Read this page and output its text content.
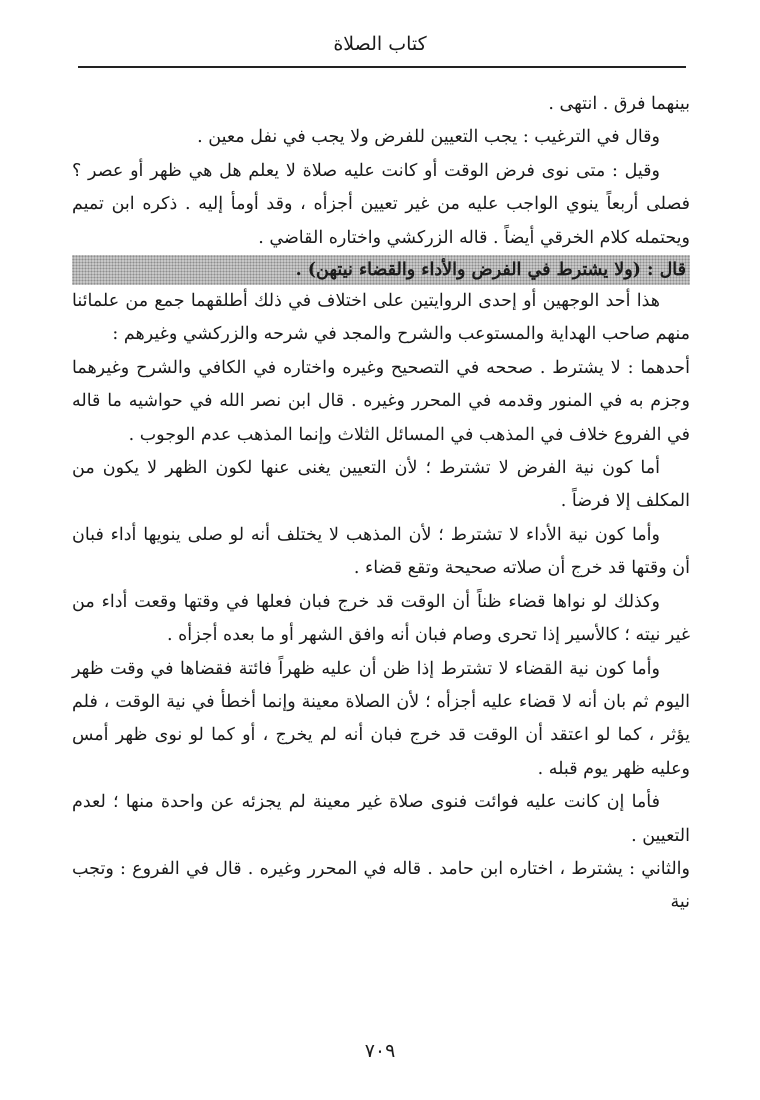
كتاب الصلاة

بينهما فرق . انتهى .

وقال في الترغيب : يجب التعيين للفرض ولا يجب في نفل معين .

وقيل : متى نوى فرض الوقت أو كانت عليه صلاة لا يعلم هل هي ظهر أو عصر ؟ فصلى أربعاً ينوي الواجب عليه من غير تعيين أجزأه ، وقد أومأ إليه . ذكره ابن تميم ويحتمله كلام الخرقي أيضاً . قاله الزركشي واختاره القاضي .

قال : (ولا يشترط في الفرض والأداء والقضاء نيتهن) .

هذا أحد الوجهين أو إحدى الروايتين على اختلاف في ذلك أطلقهما جمع من علمائنا منهم صاحب الهداية والمستوعب والشرح والمجد في شرحه والزركشي وغيرهم :

أحدهما : لا يشترط . صححه في التصحيح وغيره واختاره في الكافي والشرح وغيرهما وجزم به في المنور وقدمه في المحرر وغيره . قال ابن نصر الله في حواشيه ما قاله في الفروع خلاف في المذهب في المسائل الثلاث وإنما المذهب عدم الوجوب .

أما كون نية الفرض لا تشترط ؛ لأن التعيين يغنى عنها لكون الظهر لا يكون من المكلف إلا فرضاً .

وأما كون نية الأداء لا تشترط ؛ لأن المذهب لا يختلف أنه لو صلى ينويها أداء فبان أن وقتها قد خرج أن صلاته صحيحة وتقع قضاء .

وكذلك لو نواها قضاء ظناً أن الوقت قد خرج فبان فعلها في وقتها وقعت أداء من غير نيته ؛ كالأسير إذا تحرى وصام فبان أنه وافق الشهر أو ما بعده أجزأه .

وأما كون نية القضاء لا تشترط إذا ظن أن عليه ظهراً فائتة فقضاها في وقت ظهر اليوم ثم بان أنه لا قضاء عليه أجزأه ؛ لأن الصلاة معينة وإنما أخطأ في نية الوقت ، فلم يؤثر ، كما لو اعتقد أن الوقت قد خرج فبان أنه لم يخرج ، أو كما لو نوى ظهر أمس وعليه ظهر يوم قبله .

فأما إن كانت عليه فوائت فنوى صلاة غير معينة لم يجزئه عن واحدة منها ؛ لعدم التعيين .

والثاني : يشترط ، اختاره ابن حامد . قاله في المحرر وغيره . قال في الفروع : وتجب نية

٧٠٩
